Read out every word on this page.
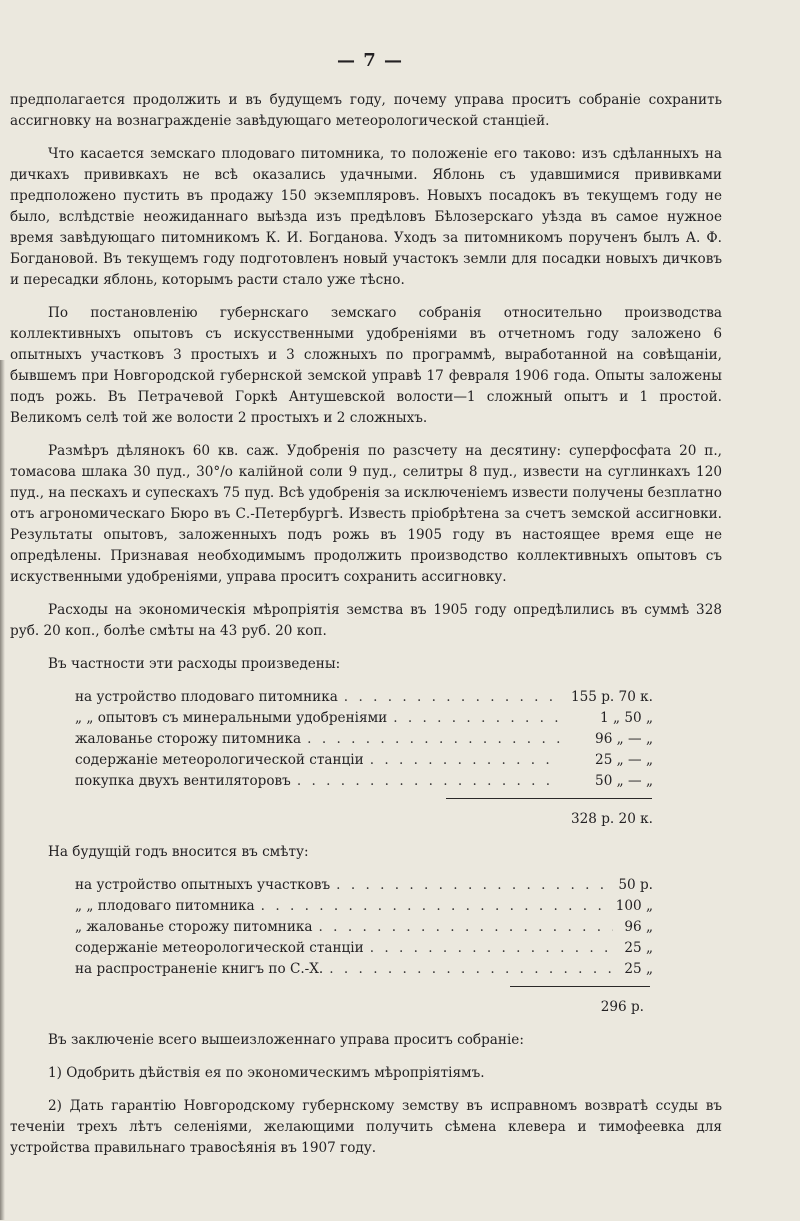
— 7 —

предполагается продолжить и въ будущемъ году, почему управа проситъ собраніе сохранить ассигновку на вознагражденіе завѣдующаго метеорологической станціей.

Что касается земскаго плодоваго питомника, то положеніе его таково: изъ сдѣланныхъ на дичкахъ прививкахъ не всѣ оказались удачными. Яблонь съ удавшимися прививками предположено пустить въ продажу 150 экземпляровъ. Новыхъ посадокъ въ текущемъ году не было, вслѣдствіе неожиданнаго выѣзда изъ предѣловъ Бѣлозерскаго уѣзда въ самое нужное время завѣдующаго питомникомъ К. И. Богданова. Уходъ за питомникомъ порученъ былъ А. Ф. Богдановой. Въ текущемъ году подготовленъ новый участокъ земли для посадки новыхъ дичковъ и пересадки яблонь, которымъ расти стало уже тѣсно.

По постановленію губернскаго земскаго собранія относительно производства коллективныхъ опытовъ съ искусственными удобреніями въ отчетномъ году заложено 6 опытныхъ участковъ 3 простыхъ и 3 сложныхъ по программѣ, выработанной на совѣщаніи, бывшемъ при Новгородской губернской земской управѣ 17 февраля 1906 года. Опыты заложены подъ рожь. Въ Петрачевой Горкѣ Антушевской волости—1 сложный опытъ и 1 простой. Великомъ селѣ той же волости 2 простыхъ и 2 сложныхъ.

Размѣръ дѣлянокъ 60 кв. саж. Удобренія по разсчету на десятину: суперфосфата 20 п., томасова шлака 30 пуд., 30°/о калійной соли 9 пуд., селитры 8 пуд., извести на суглинкахъ 120 пуд., на пескахъ и супескахъ 75 пуд. Всѣ удобренія за исключеніемъ извести получены безплатно отъ агрономическаго Бюро въ С.-Петербургѣ. Известь пріобрѣтена за счетъ земской ассигновки. Результаты опытовъ, заложенныхъ подъ рожь въ 1905 году въ настоящее время еще не опредѣлены. Признавая необходимымъ продолжить производство коллективныхъ опытовъ съ искуственными удобреніями, управа проситъ сохранить ассигновку.

Расходы на экономическія мѣропріятія земства въ 1905 году опредѣлились въ суммѣ 328 руб. 20 коп., болѣе смѣты на 43 руб. 20 коп.

Въ частности эти расходы произведены:

на устройство плодоваго питомника . . .	155 р. 70 к.
„ „ опытовъ съ минеральными удобреніями . . .	1 „ 50 „
жалованье сторожу питомника . . .	96 „ — „
содержаніе метеорологической станціи . . .	25 „ — „
покупка двухъ вентиляторовъ . . .	50 „ — „
328 р. 20 к.

На будущій годъ вносится въ смѣту:

на устройство опытныхъ участковъ . . .	50 р.
„ „ плодоваго питомника . . .	100 „
„ жалованье сторожу питомника . . .	96 „
содержаніе метеорологической станціи . . .	25 „
на распространеніе книгъ по С.-Х. . . .	25 „
296 р.

Въ заключеніе всего вышеизложеннаго управа проситъ собраніе:

1) Одобрить дѣйствія ея по экономическимъ мѣропріятіямъ.

2) Дать гарантію Новгородскому губернскому земству въ исправномъ возвратѣ ссуды въ теченіи трехъ лѣтъ селеніями, желающими получить сѣмена клевера и тимофеевка для устройства правильнаго травосѣянія въ 1907 году.
